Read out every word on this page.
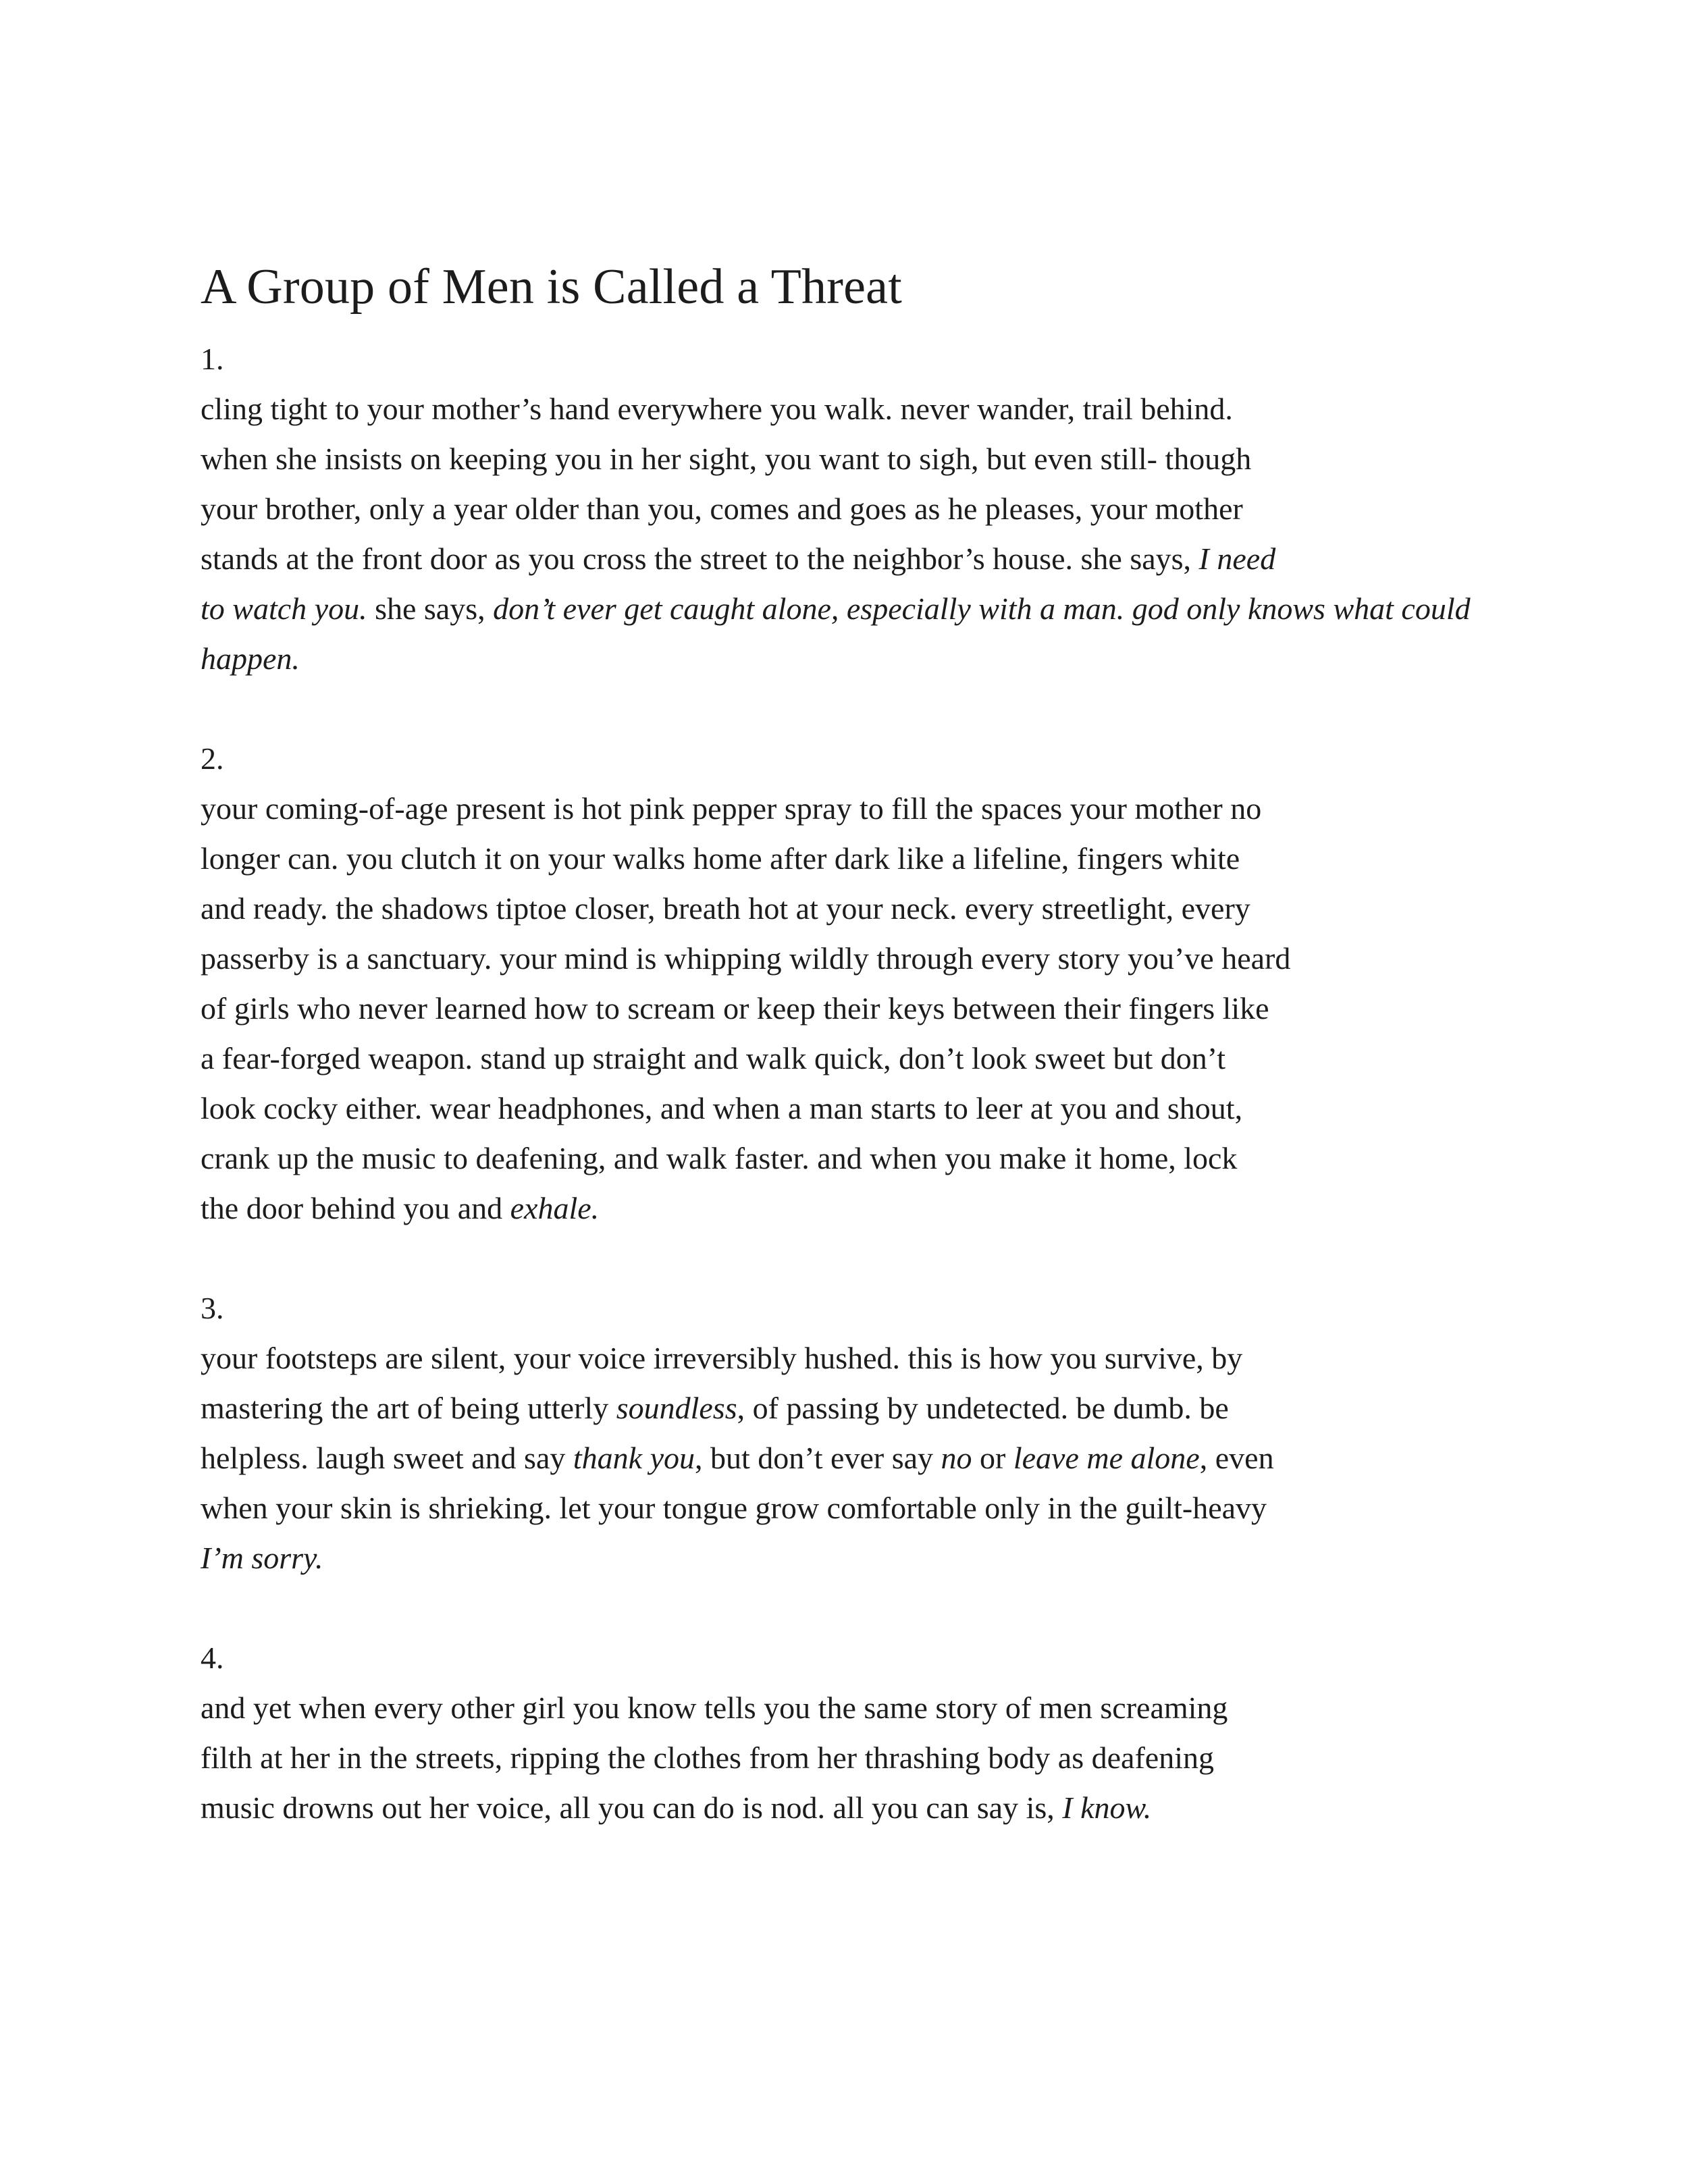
A Group of Men is Called a Threat

1.

cling tight to your mother’s hand everywhere you walk. never wander, trail behind.
when she insists on keeping you in her sight, you want to sigh, but even still- though
your brother, only a year older than you, comes and goes as he pleases, your mother
stands at the front door as you cross the street to the neighbor’s house. she says, I need
to watch you. she says, don’t ever get caught alone, especially with a man. god only knows what could
happen.

2.

your coming-of-age present is hot pink pepper spray to fill the spaces your mother no
longer can. you clutch it on your walks home after dark like a lifeline, fingers white
and ready. the shadows tiptoe closer, breath hot at your neck. every streetlight, every
passerby is a sanctuary. your mind is whipping wildly through every story you’ve heard
of girls who never learned how to scream or keep their keys between their fingers like
a fear-forged weapon. stand up straight and walk quick, don’t look sweet but don’t
look cocky either. wear headphones, and when a man starts to leer at you and shout,
crank up the music to deafening, and walk faster. and when you make it home, lock
the door behind you and exhale.

3.

your footsteps are silent, your voice irreversibly hushed. this is how you survive, by
mastering the art of being utterly soundless, of passing by undetected. be dumb. be
helpless. laugh sweet and say thank you, but don’t ever say no or leave me alone, even
when your skin is shrieking. let your tongue grow comfortable only in the guilt-heavy
I’m sorry.

4.

and yet when every other girl you know tells you the same story of men screaming
filth at her in the streets, ripping the clothes from her thrashing body as deafening
music drowns out her voice, all you can do is nod. all you can say is, I know.
